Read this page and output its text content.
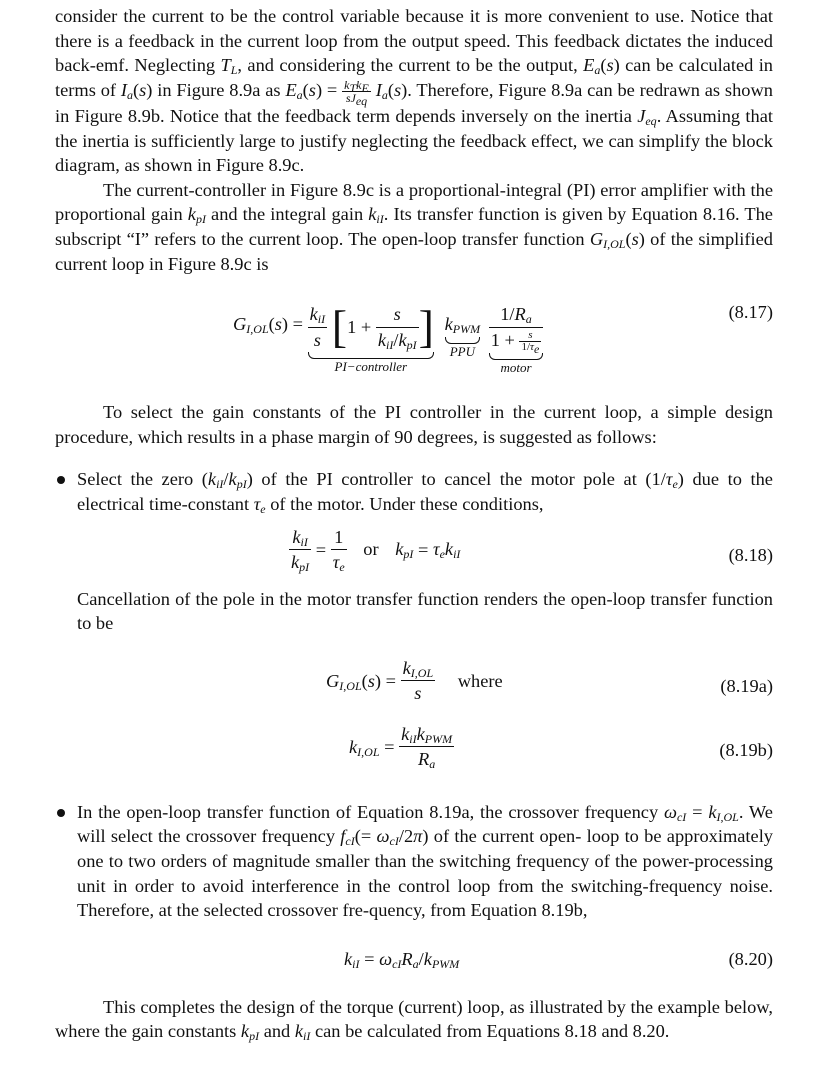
consider the current to be the control variable because it is more convenient to use. Notice that there is a feedback in the current loop from the output speed. This feedback dictates the induced back-emf. Neglecting $T_L$, and considering the current to be the output, $E_a(s)$ can be calculated in terms of $I_a(s)$ in Figure 8.9a as $E_a(s) = \frac{k_Tk_E}{sJ_{eq}} I_a(s)$. Therefore, Figure 8.9a can be redrawn as shown in Figure 8.9b. Notice that the feedback term depends inversely on the inertia $J_{eq}$. Assuming that the inertia is sufficiently large to justify neglecting the feedback effect, we can simplify the block diagram, as shown in Figure 8.9c.

The current-controller in Figure 8.9c is a proportional-integral (PI) error amplifier with the proportional gain $k_{pI}$ and the integral gain $k_{iI}$. Its transfer function is given by Equation 8.16. The subscript “I” refers to the current loop. The open-loop transfer function $G_{I,OL}(s)$ of the simplified current loop in Figure 8.9c is

$G_{I,OL}(s) = \frac{k_{iI}}{s} [1 + \frac{s}{k_{iI}/k_{pI}}$ ]
PI−controller
$k_{PWM}$
PPU
$\frac{1/R_a}{1 + \frac{s}{1/\tau_e}}$
motor
(8.17)

To select the gain constants of the PI controller in the current loop, a simple design procedure, which results in a phase margin of 90 degrees, is suggested as follows:

Select the zero $(k_{iI}/k_{pI})$ of the PI controller to cancel the motor pole at $(1/\tau_e)$ due to the electrical time-constant $\tau_e$ of the motor. Under these conditions,
$\frac{k_{iI}}{k_{pI}} = \frac{1}{\tau_e}$ or $k_{pI} = \tau_ek_{iI}$	(8.18)

Cancellation of the pole in the motor transfer function renders the open-loop transfer function to be

$G_{I,OL}(s) = \frac{k_{I,OL}}{s}$ where	(8.19a)
$k_{I,OL} = \frac{k_{iI}k_{PWM}}{R_a}$	(8.19b)
In the open-loop transfer function of Equation 8.19a, the crossover frequency $\omega_{cI} = k_{I,OL}$. We will select the crossover frequency $f_{cI}(= \omega_{cI}/2\pi)$ of the current open- loop to be approximately one to two orders of magnitude smaller than the switching frequency of the power-processing unit in order to avoid interference in the control loop from the switching-frequency noise. Therefore, at the selected crossover fre-quency, from Equation 8.19b,
$k_{iI} = \omega_{cI}R_a/k_{PWM}$	(8.20)

This completes the design of the torque (current) loop, as illustrated by the example below, where the gain constants $k_{pI}$ and $k_{iI}$ can be calculated from Equations 8.18 and 8.20.
